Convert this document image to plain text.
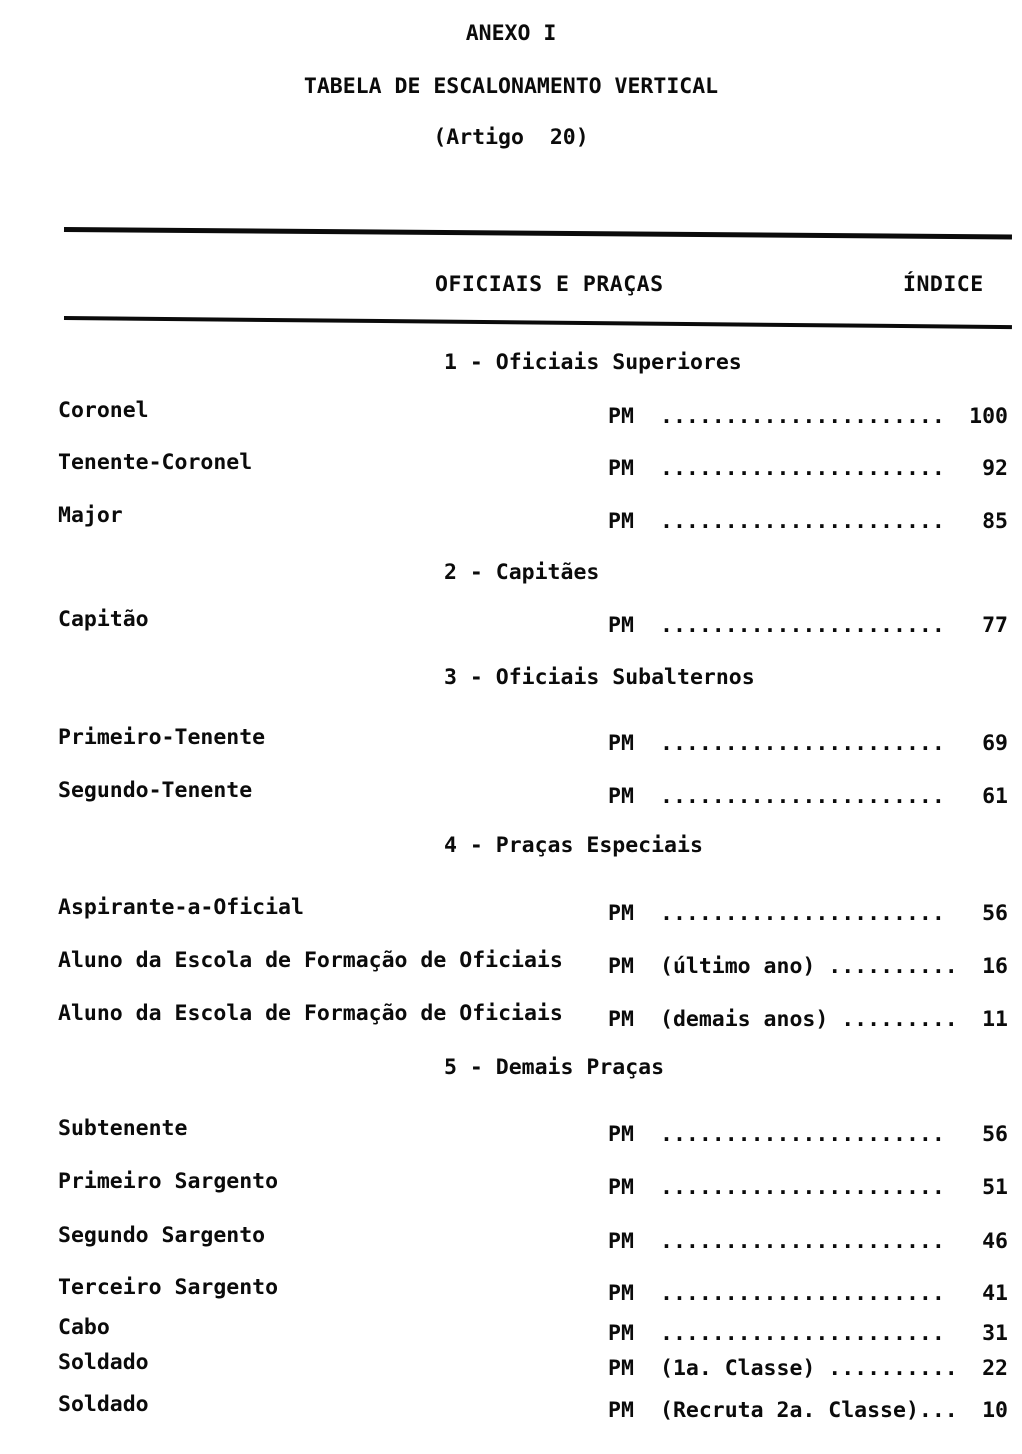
ANEXO I
TABELA DE ESCALONAMENTO VERTICAL
(Artigo  20)
OFICIAIS E PRAÇAS	ÍNDICE
1 - Oficiais Superiores
Coronel	PM ...................... 100
Tenente-Coronel	PM ...................... 92
Major	PM ...................... 85
2 - Capitães
Capitão	PM ...................... 77
3 - Oficiais Subalternos
Primeiro-Tenente	PM ...................... 69
Segundo-Tenente	PM ...................... 61
4 - Praças Especiais
Aspirante-a-Oficial	PM ...................... 56
Aluno da Escola de Formação de Oficiais PM (último ano) .......... 16
Aluno da Escola de Formação de Oficiais PM (demais anos) ......... 11
5 - Demais Praças
Subtenente	PM ...................... 56
Primeiro Sargento	PM ...................... 51
Segundo Sargento	PM ...................... 46
Terceiro Sargento	PM ...................... 41
Cabo	PM ...................... 31
Soldado	PM (1a. Classe) .......... 22
Soldado	PM (Recruta 2a. Classe)... 10
